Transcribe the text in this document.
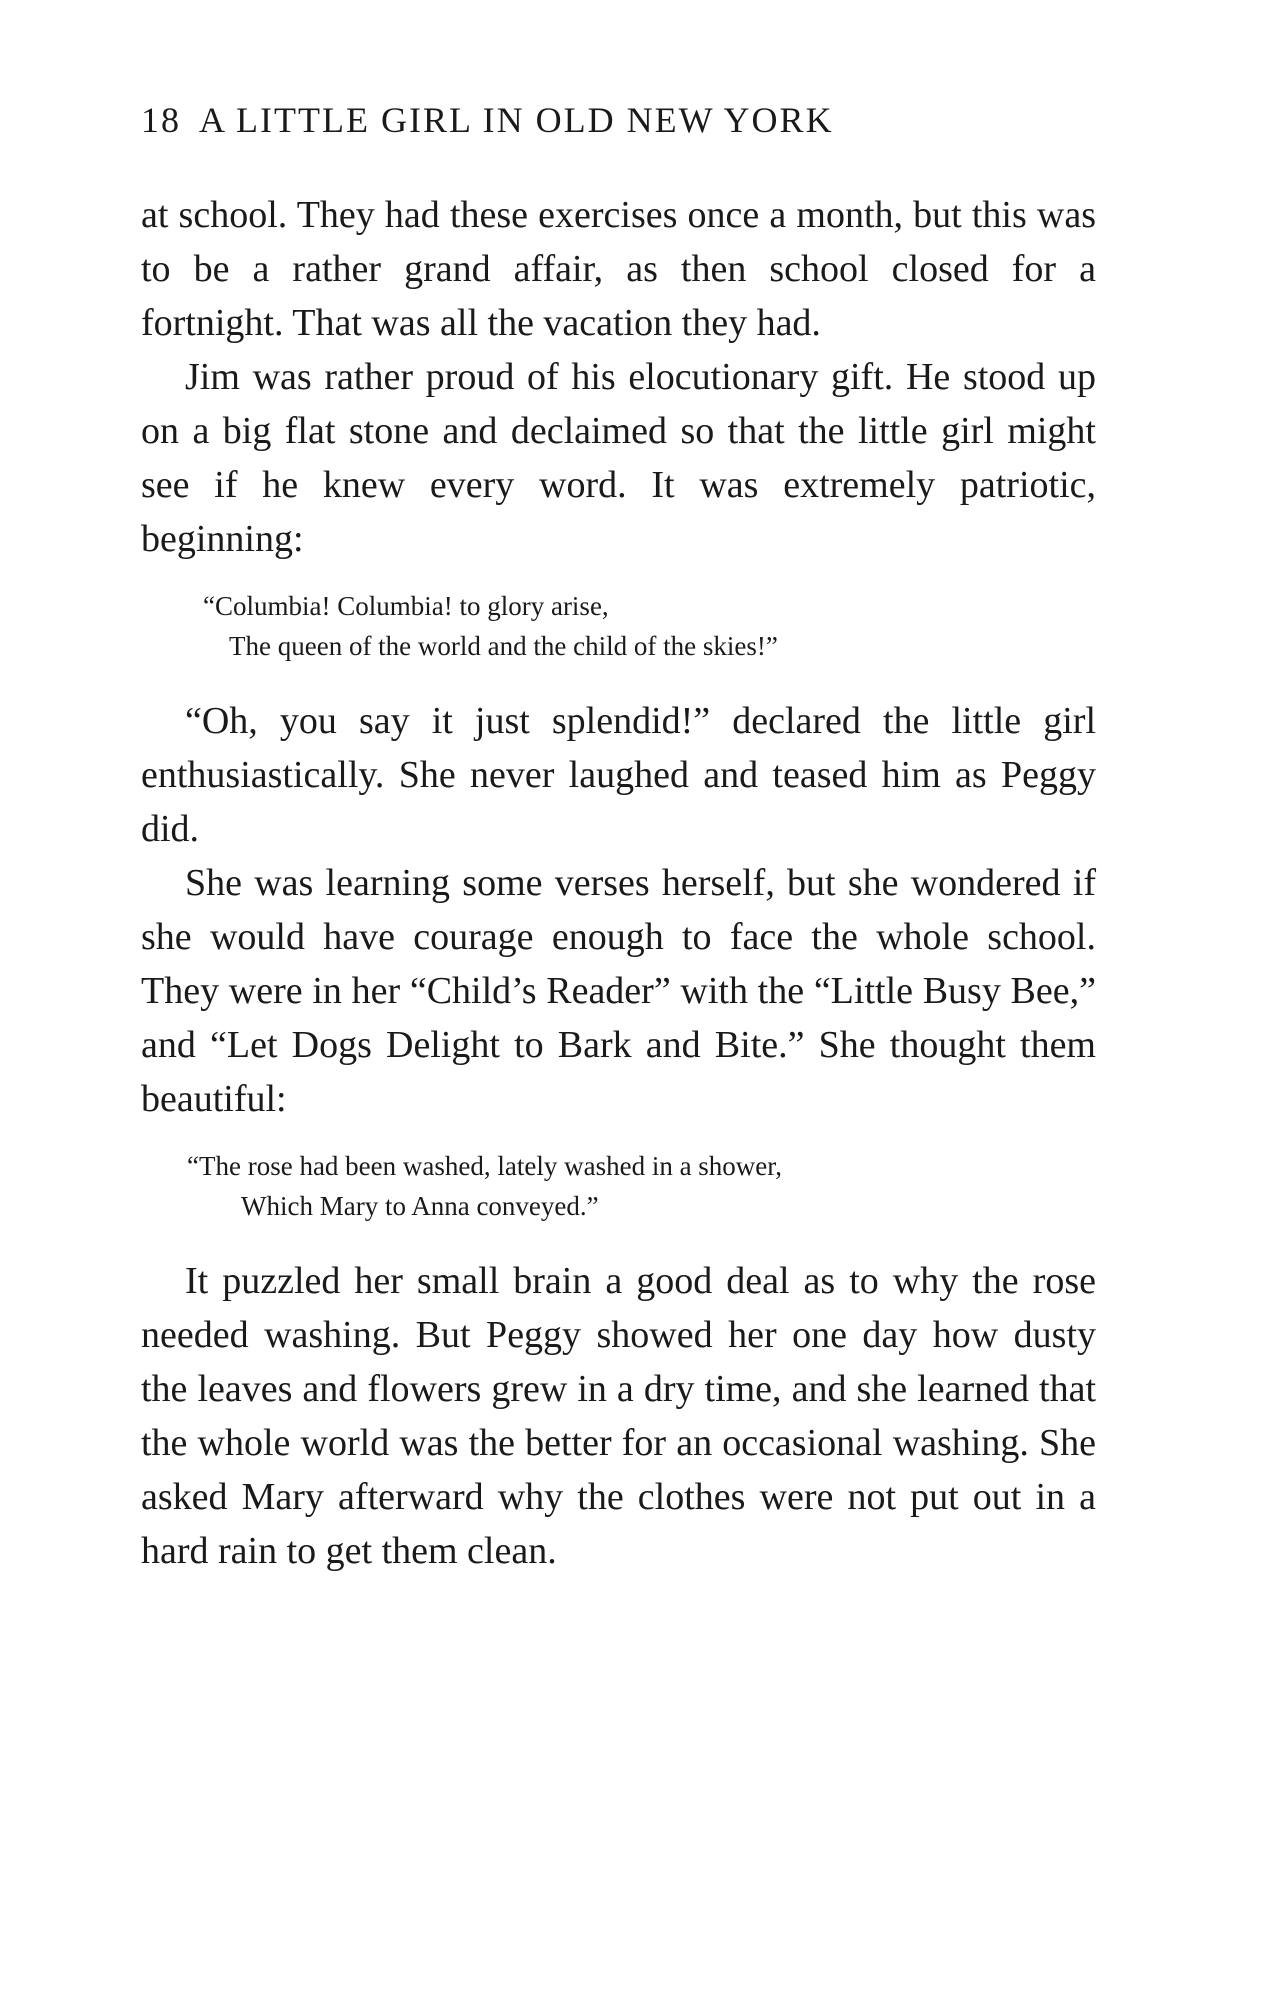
18 A LITTLE GIRL IN OLD NEW YORK

at school. They had these exercises once a month, but this was to be a rather grand affair, as then school closed for a fortnight. That was all the vacation they had.

Jim was rather proud of his elocutionary gift. He stood up on a big flat stone and declaimed so that the little girl might see if he knew every word. It was extremely patriotic, beginning:

“Columbia! Columbia! to glory arise,
The queen of the world and the child of the skies!”

“Oh, you say it just splendid!” declared the little girl enthusiastically. She never laughed and teased him as Peggy did.

She was learning some verses herself, but she wondered if she would have courage enough to face the whole school. They were in her “Child’s Reader” with the “Little Busy Bee,” and “Let Dogs Delight to Bark and Bite.” She thought them beautiful:

“The rose had been washed, lately washed in a shower,
Which Mary to Anna conveyed.”

It puzzled her small brain a good deal as to why the rose needed washing. But Peggy showed her one day how dusty the leaves and flowers grew in a dry time, and she learned that the whole world was the better for an occasional washing. She asked Mary afterward why the clothes were not put out in a hard rain to get them clean.
